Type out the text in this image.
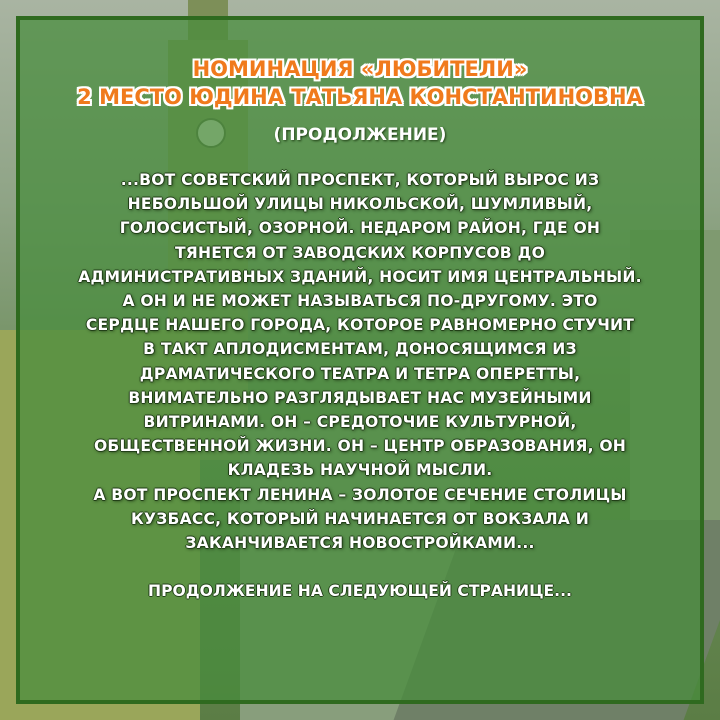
НОМИНАЦИЯ «ЛЮБИТЕЛИ»
2 МЕСТО ЮДИНА ТАТЬЯНА КОНСТАНТИНОВНА
(ПРОДОЛЖЕНИЕ)
...ВОТ СОВЕТСКИЙ ПРОСПЕКТ, КОТОРЫЙ ВЫРОС ИЗ
НЕБОЛЬШОЙ УЛИЦЫ НИКОЛЬСКОЙ, ШУМЛИВЫЙ,
ГОЛОСИСТЫЙ, ОЗОРНОЙ. НЕДАРОМ РАЙОН, ГДЕ ОН
ТЯНЕТСЯ ОТ ЗАВОДСКИХ КОРПУСОВ ДО
АДМИНИСТРАТИВНЫХ ЗДАНИЙ, НОСИТ ИМЯ ЦЕНТРАЛЬНЫЙ.
А ОН И НЕ МОЖЕТ НАЗЫВАТЬСЯ ПО-ДРУГОМУ. ЭТО
СЕРДЦЕ НАШЕГО ГОРОДА, КОТОРОЕ РАВНОМЕРНО СТУЧИТ
В ТАКТ АПЛОДИСМЕНТАМ, ДОНОСЯЩИМСЯ ИЗ
ДРАМАТИЧЕСКОГО ТЕАТРА И ТЕТРА ОПЕРЕТТЫ,
ВНИМАТЕЛЬНО РАЗГЛЯДЫВАЕТ НАС МУЗЕЙНЫМИ
ВИТРИНАМИ. ОН – СРЕДОТОЧИЕ КУЛЬТУРНОЙ,
ОБЩЕСТВЕННОЙ ЖИЗНИ. ОН – ЦЕНТР ОБРАЗОВАНИЯ, ОН
КЛАДЕЗЬ НАУЧНОЙ МЫСЛИ.
А ВОТ ПРОСПЕКТ ЛЕНИНА – ЗОЛОТОЕ СЕЧЕНИЕ СТОЛИЦЫ
КУЗБАСС, КОТОРЫЙ НАЧИНАЕТСЯ ОТ ВОКЗАЛА И
ЗАКАНЧИВАЕТСЯ НОВОСТРОЙКАМИ...
ПРОДОЛЖЕНИЕ НА СЛЕДУЮЩЕЙ СТРАНИЦЕ...
